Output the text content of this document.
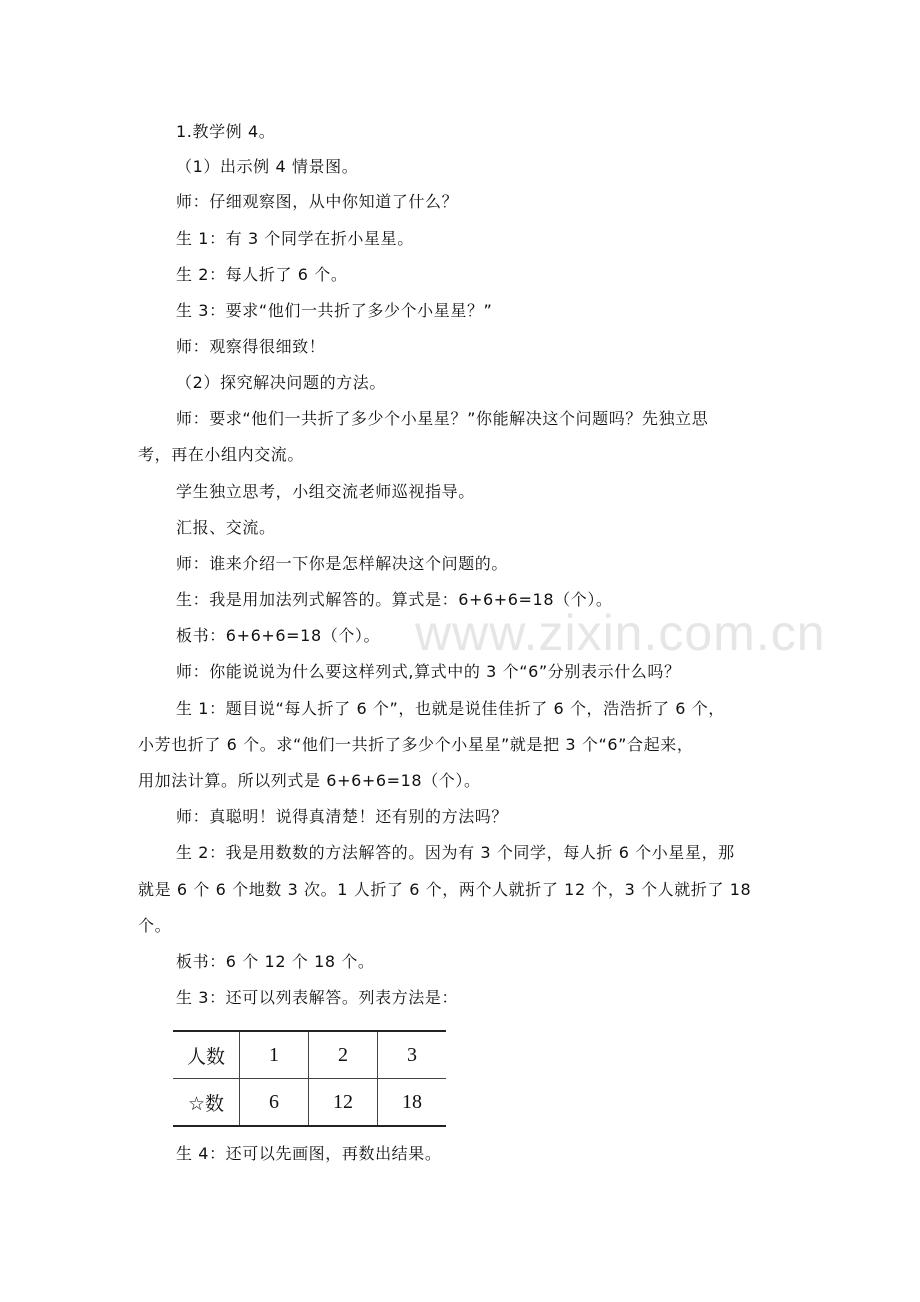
www.zixin.com.cn
1.教学例 4。
（1）出示例 4 情景图。
师：仔细观察图，从中你知道了什么？
生 1：有 3 个同学在折小星星。
生 2：每人折了 6 个。
生 3：要求“他们一共折了多少个小星星？”
师：观察得很细致！
（2）探究解决问题的方法。
师：要求“他们一共折了多少个小星星？”你能解决这个问题吗？先独立思
考，再在小组内交流。
学生独立思考，小组交流老师巡视指导。
汇报、交流。
师：谁来介绍一下你是怎样解决这个问题的。
生：我是用加法列式解答的。算式是：6+6+6=18（个）。
板书：6+6+6=18（个）。
师：你能说说为什么要这样列式,算式中的 3 个“6”分别表示什么吗？
生 1：题目说“每人折了 6 个”，也就是说佳佳折了 6 个，浩浩折了 6 个，
小芳也折了 6 个。求“他们一共折了多少个小星星”就是把 3 个“6”合起来，
用加法计算。所以列式是 6+6+6=18（个）。
师：真聪明！说得真清楚！还有别的方法吗？
生 2：我是用数数的方法解答的。因为有 3 个同学，每人折 6 个小星星，那
就是 6 个 6 个地数 3 次。1 人折了 6 个，两个人就折了 12 个，3 个人就折了 18
个。
板书：6 个 12 个 18 个。
生 3：还可以列表解答。列表方法是：
人数	1	2	3
☆数	6	12	18
生 4：还可以先画图，再数出结果。
